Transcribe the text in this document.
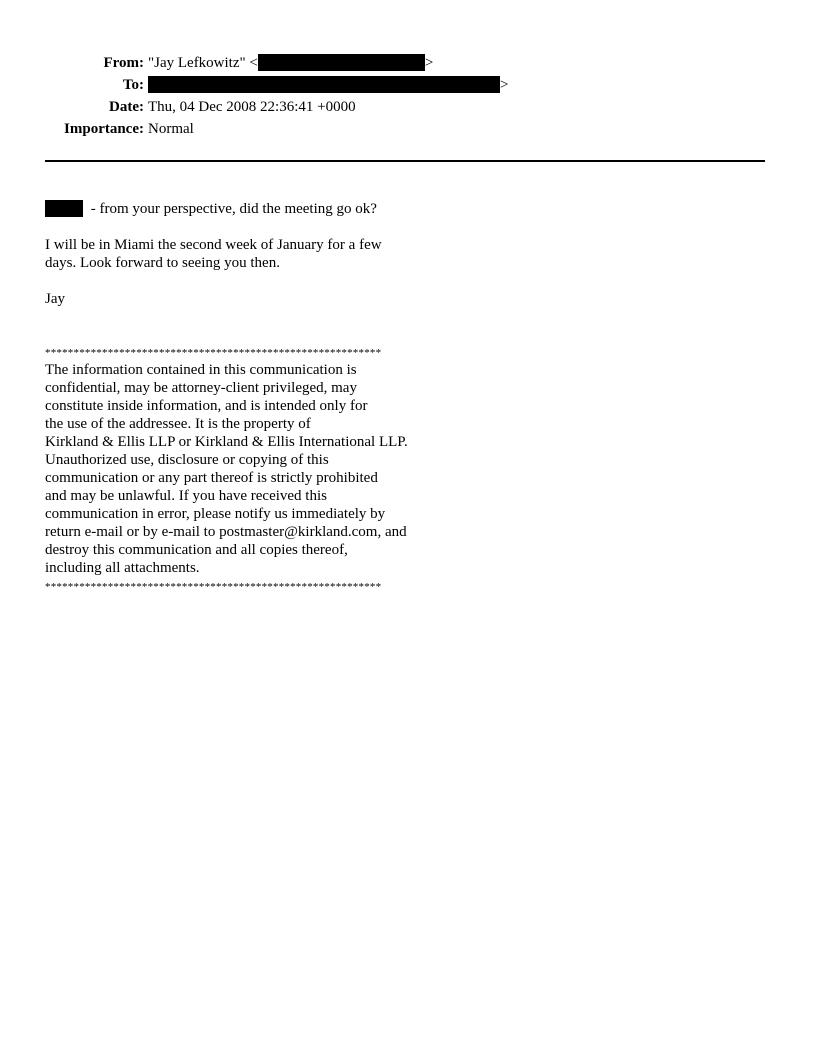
From: "Jay Lefkowitz" <	>
To:	>
Date: Thu, 04 Dec 2008 22:36:41 +0000
Importance: Normal
- from your perspective, did the meeting go ok?
I will be in Miami the second week of January for a few
days. Look forward to seeing you then.
Jay
***********************************************************
The information contained in this communication is
confidential, may be attorney-client privileged, may
constitute inside information, and is intended only for
the use of the addressee. It is the property of
Kirkland & Ellis LLP or Kirkland & Ellis International LLP.
Unauthorized use, disclosure or copying of this
communication or any part thereof is strictly prohibited
and may be unlawful. If you have received this
communication in error, please notify us immediately by
return e-mail or by e-mail to postmaster@kirkland.com, and
destroy this communication and all copies thereof,
including all attachments.
***********************************************************
